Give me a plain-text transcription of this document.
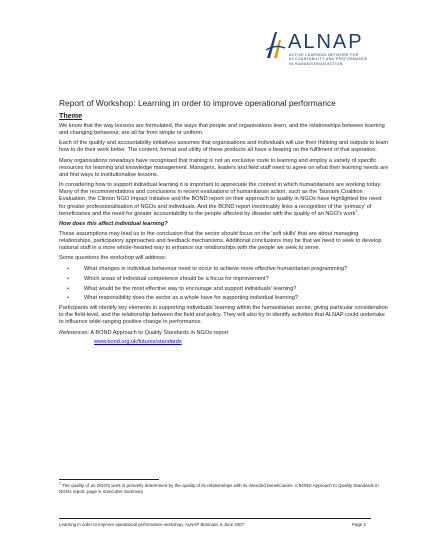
ALNAP
ACTIVE LEARNING NETWORK FOR
ACCOUNTABILITY AND PERFORMANCE
IN HUMANITARIAN ACTION
Report of Workshop: Learning in order to improve operational performance
Theme

We know that the way lessons are formulated, the ways that people and organisations learn, and the relationships between learning and changing behaviour, are all far from simple or uniform.

Each of the quality and accountability initiatives assumes that organisations and individuals will use their thinking and outputs to learn how to do their work better. The content, format and utility of these products all have a bearing on the fulfilment of that aspiration.

Many organisations nowadays have recognised that training is not an exclusive route to learning and employ a variety of specific resources for learning and knowledge management. Managers, leaders and field staff need to agree on what their learning needs are and find ways to institutionalise lessons.

In considering how to support individual learning it is important to appreciate the context in which humanitarians are working today. Many of the recommendations and conclusions in recent evaluations of humanitarian action, such as the Tsunami Coalition Evaluation, the Clinton NGO Impact Initiative and the BOND report on their approach to quality in NGOs have highlighted the need for greater professionalisation of NGOs and individuals. And the BOND report inextricably links a recognition of the 'primacy' of beneficiaries and the need for greater accountability to the people affected by disaster with the quality of an NGO's work$^1$.

How does this affect individual learning?

These assumptions may lead us to the conclusion that the sector should focus on the 'soft skills' that are about managing relationships, participatory approaches and feedback mechanisms. Additional conclusions may be that we need to seek to develop national staff in a more whole-hearted way to enhance our relationships with the people we seek to serve.

Some questions the workshop will address:

•	What changes in individual behaviour need to occur to achieve more effective humanitarian programming?
•	Which areas of individual competence should be a focus for improvement?
•	What would be the most effective way to encourage and support individuals' learning?
•	What responsibility does the sector as a whole have for supporting individual learning?

Participants will identify key elements in supporting individuals' learning within the humanitarian sector, giving particular consideration to the field-level, and the relationship between the field and policy. They will also try to identify activities that ALNAP could undertake to influence wide-ranging positive change in performance.

References: A BOND Approach to Quality Standards in NGOs report
www.bond.org.uk/futures/standards
$^1$ The quality of an NGO's work is primarily determined by the quality of its relationships with its intended beneficiaries. A BOND Approach to Quality Standards in NGOs report, page 8, Executive Summary
Learning in order to improve operational performance workshop, ALNAP Biannual, 6 June 2007	Page 1
